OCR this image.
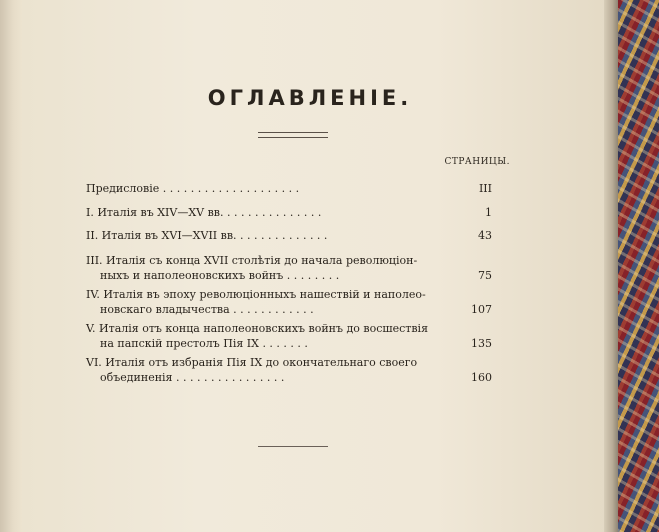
ОГЛАВЛЕНІЕ.
СТРАНИЦЫ.
Предисловіе . . . . . . . . . . . . . . . . . . . .	III
I. Италія въ XIV—XV вв. . . . . . . . . . . . . . .	1
II. Италія въ XVI—XVII вв. . . . . . . . . . . . . .	43
III. Италія съ конца XVII столѣтія до начала революціон-
ныхъ и наполеоновскихъ войнъ . . . . . . . .	75
IV. Италія въ эпоху революціонныхъ нашествій и наполео-
новскаго владычества . . . . . . . . . . . .	107
V. Италія отъ конца наполеоновскихъ войнъ до восшествія
на папскій престолъ Пія IX . . . . . . .	135
VI. Италія отъ избранія Пія IX до окончательнаго своего
объединенія . . . . . . . . . . . . . . . .	160
